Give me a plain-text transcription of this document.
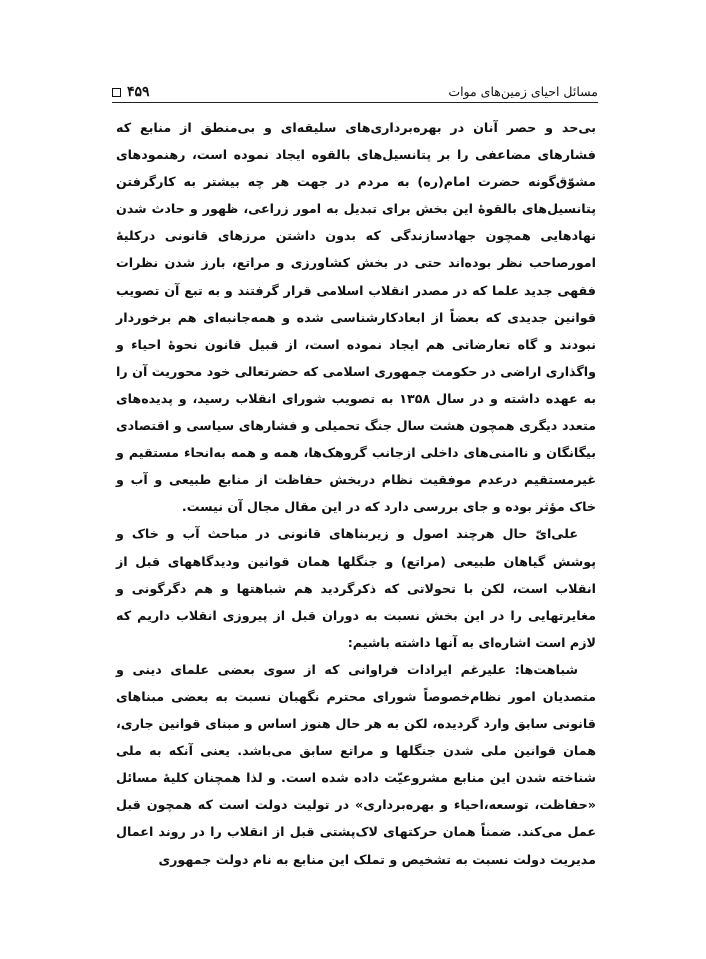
مسائل احیای زمین‌های موات
۴۵۹

بی‌حد و حصر آنان در بهره‌برداری‌های سلیقه‌ای و بی‌منطق از منابع که فشارهای مضاعفی را بر پتانسیل‌های بالقوه ایجاد نموده است، رهنمودهای مشوّق‌گونه حضرت امام(ره) به مردم در جهت هر چه بیشتر به کارگرفتن پتانسیل‌های بالقوهٔ این بخش برای تبدیل به امور زراعی، ظهور و حادث شدن نهادهایی همچون جهادسازندگی که بدون داشتن مرزهای قانونی درکلیهٔ امورصاحب نظر بوده‌اند حتی در بخش کشاورزی و مراتع، بارز شدن نظرات فقهی جدید علما که در مصدر انقلاب اسلامی قرار گرفتند و به تبع آن تصویب قوانین جدیدی که بعضاً از ابعادکارشناسی شده و همه‌جانبه‌ای هم برخوردار نبودند و گاه تعارضاتی هم ایجاد نموده است، از قبیل قانون نحوهٔ احیاء و واگذاری اراضی در حکومت جمهوری اسلامی که حضرتعالی خود محوریت آن را به عهده داشته و در سال ۱۳۵۸ به تصویب شورای انقلاب رسید، و پدیده‌های متعدد دیگری همچون هشت سال جنگ تحمیلی و فشارهای سیاسی و اقتصادی بیگانگان و ناامنی‌های داخلی ازجانب گروهک‌ها، همه و همه به‌انحاء مستقیم و غیرمستقیم درعدم موفقیت نظام دربخش حفاظت از منابع طبیعی و آب و خاک مؤثر بوده و جای بررسی دارد که در این مقال مجال آن نیست.

علی‌ایّ حال هرچند اصول و زیربناهای قانونی در مباحث آب و خاک و پوشش گیاهان طبیعی (مراتع) و جنگلها همان قوانین ودیدگاههای قبل از انقلاب است، لکن با تحولاتی که ذکرگردید هم شباهتها و هم دگرگونی و مغایرتهایی را در این بخش نسبت به دوران قبل از پیروزی انقلاب داریم که لازم است اشاره‌ای به آنها داشته باشیم:

شباهت‌ها: علیرغم ایرادات فراوانی که از سوی بعضی علمای دینی و متصدیان امور نظام‌خصوصاً شورای محترم نگهبان نسبت به بعضی مبناهای قانونی سابق وارد گردیده، لکن به هر حال هنوز اساس و مبنای قوانین جاری، همان قوانین ملی شدن جنگلها و مراتع سابق می‌باشد. یعنی آنکه به ملی شناخته شدن این منابع مشروعیّت داده شده است. و لذا همچنان کلیهٔ مسائل «حفاظت، توسعه،احیاء و بهره‌برداری» در تولیت دولت است که همچون قبل عمل می‌کند. ضمناً همان حرکتهای لاک‌پشتی قبل از انقلاب را در روند اعمال مدیریت دولت نسبت به تشخیص و تملک این منابع به نام دولت جمهوری
